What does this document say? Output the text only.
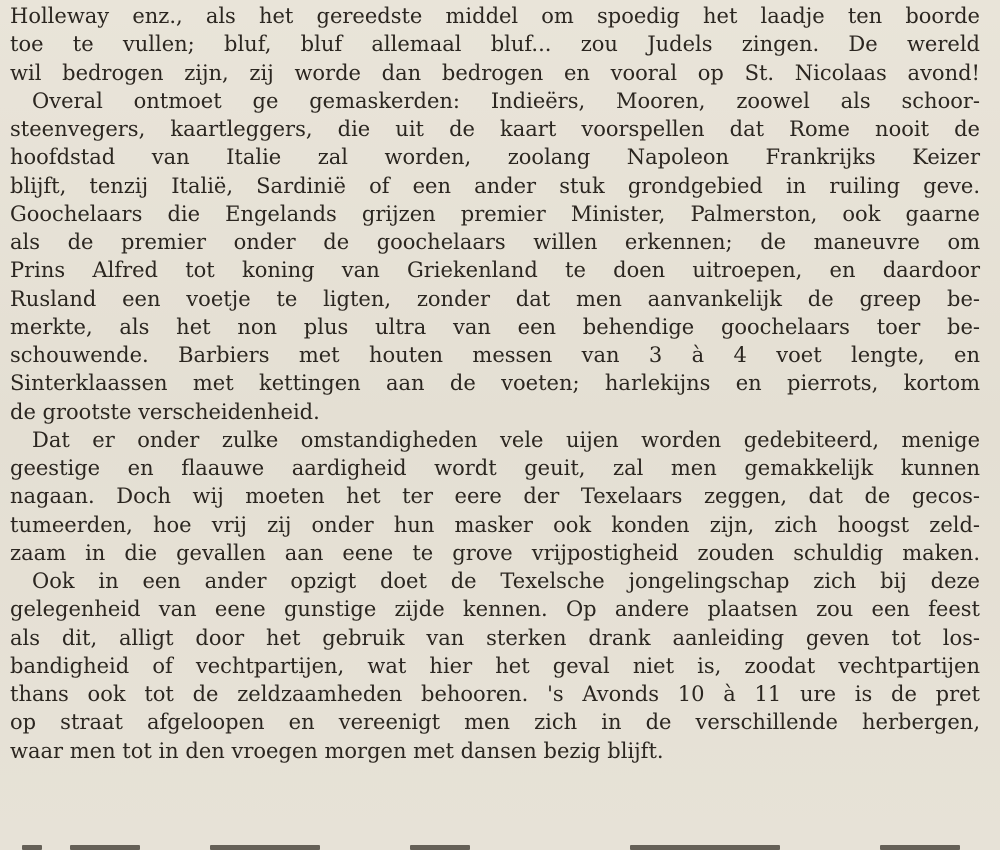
Holleway enz., als het gereedste middel om spoedig het laadje ten boorde
toe te vullen; bluf, bluf allemaal bluf... zou Judels zingen. De wereld
wil bedrogen zijn, zij worde dan bedrogen en vooral op St. Nicolaas avond!
Overal ontmoet ge gemaskerden: Indieërs, Mooren, zoowel als schoor-
steenvegers, kaartleggers, die uit de kaart voorspellen dat Rome nooit de
hoofdstad van Italie zal worden, zoolang Napoleon Frankrijks Keizer
blijft, tenzij Italië, Sardinië of een ander stuk grondgebied in ruiling geve.
Goochelaars die Engelands grijzen premier Minister, Palmerston, ook gaarne
als de premier onder de goochelaars willen erkennen; de maneuvre om
Prins Alfred tot koning van Griekenland te doen uitroepen, en daardoor
Rusland een voetje te ligten, zonder dat men aanvankelijk de greep be-
merkte, als het non plus ultra van een behendige goochelaars toer be-
schouwende. Barbiers met houten messen van 3 à 4 voet lengte, en
Sinterklaassen met kettingen aan de voeten; harlekijns en pierrots, kortom
de grootste verscheidenheid.
Dat er onder zulke omstandigheden vele uijen worden gedebiteerd, menige
geestige en flaauwe aardigheid wordt geuit, zal men gemakkelijk kunnen
nagaan. Doch wij moeten het ter eere der Texelaars zeggen, dat de gecos-
tumeerden, hoe vrij zij onder hun masker ook konden zijn, zich hoogst zeld-
zaam in die gevallen aan eene te grove vrijpostigheid zouden schuldig maken.
Ook in een ander opzigt doet de Texelsche jongelingschap zich bij deze
gelegenheid van eene gunstige zijde kennen. Op andere plaatsen zou een feest
als dit, alligt door het gebruik van sterken drank aanleiding geven tot los-
bandigheid of vechtpartijen, wat hier het geval niet is, zoodat vechtpartijen
thans ook tot de zeldzaamheden behooren. 's Avonds 10 à 11 ure is de pret
op straat afgeloopen en vereenigt men zich in de verschillende herbergen,
waar men tot in den vroegen morgen met dansen bezig blijft.
